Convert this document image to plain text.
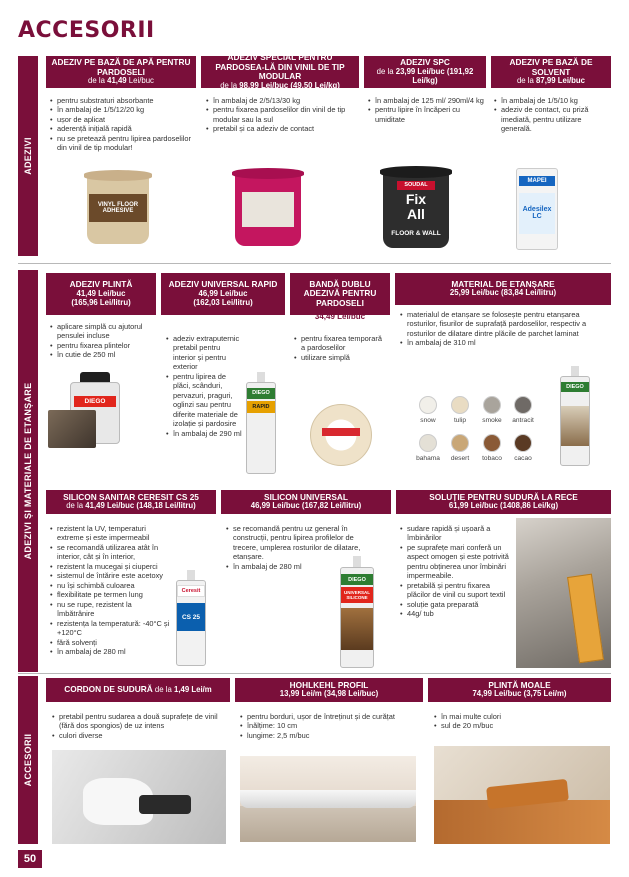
ACCESORII
ADEZIVI
ADEZIVI ȘI MATERIALE DE ETANȘARE
ACCESORII
ADEZIV PE BAZĂ DE APĂ PENTRU PARDOSELI
de la 41,49 Lei/buc
• pentru substraturi absorbante
• în ambalaj de 1/5/12/20 kg
• ușor de aplicat
• aderență inițială rapidă
• nu se pretează pentru lipirea pardoselilor din vinil de tip modular!
VINYL FLOOR ADHESIVE
ADEZIV SPECIAL PENTRU PARDOSEA-LĂ DIN VINIL DE TIP MODULAR
de la 98,99 Lei/buc (49,50 Lei/kg)
• în ambalaj de 2/5/13/30 kg
• pentru fixarea pardoselilor din vinil de tip modular sau la sul
• pretabil și ca adeziv de contact
ADEZIV SPC
de la 23,99 Lei/buc (191,92 Lei/kg)
• în ambalaj de 125 ml/ 290ml/4 kg
• pentru lipire în încăperi cu umiditate
SOUDAL
Fix
All
FLOOR & WALL
ADEZIV PE BAZĂ DE SOLVENT
de la 87,99 Lei/buc
• în ambalaj de 1/5/10 kg
• adeziv de contact, cu priză imediată, pentru utilizare generală.
MAPEI
Adesilex LC
ADEZIV PLINTĂ
41,49 Lei/buc
(165,96 Lei/litru)
• aplicare simplă cu ajutorul pensulei incluse
• pentru fixarea plintelor
• în cutie de 250 ml
DIEGO
ADEZIV UNIVERSAL RAPID
46,99 Lei/buc
(162,03 Lei/litru)
• adeziv extraputernic pretabil pentru interior și pentru exterior
• pentru lipirea de plăci, scânduri, pervazuri, praguri, oglinzi sau pentru diferite materiale de izolație și pardosire
• în ambalaj de 290 ml
DIEGO
RAPID
BANDĂ DUBLU ADEZIVĂ PENTRU PARDOSELI
34,49 Lei/buc
• pentru fixarea temporară a pardoselilor
• utilizare simplă
MATERIAL DE ETANȘARE
25,99 Lei/buc (83,84 Lei/litru)
• materialul de etanșare se folosește pentru etanșarea rosturilor, fisurilor de suprafață pardoselilor, respectiv a rosturilor de dilatare dintre plăcile de parchet laminat
• în ambalaj de 310 ml
snow	tulip	smoke	antracit
bahama	desert	tobaco	cacao
DIEGO
SILICON SANITAR CERESIT CS 25
de la 41,49 Lei/buc (148,18 Lei/litru)
• rezistent la UV, temperaturi extreme și este impermeabil
• se recomandă utilizarea atât în interior, cât și în interior,
• rezistent la mucegai și ciuperci
• sistemul de întărire este acetoxy
• nu își schimbă culoarea
• flexibilitate pe termen lung
• nu se rupe, rezistent la îmbătrânire
• rezistența la temperatură: -40°C și +120°C
• fără solvenți
• în ambalaj de 280 ml
Ceresit
CS 25
SILICON UNIVERSAL
46,99 Lei/buc (167,82 Lei/litru)
• se recomandă pentru uz general în construcții, pentru lipirea profilelor de trecere, umplerea rosturilor de dilatare, etanșare.
• în ambalaj de 280 ml
DIEGO
UNIVERSAL SILICONE
SOLUȚIE PENTRU SUDURĂ LA RECE
61,99 Lei/buc (1408,86 Lei/kg)
• sudare rapidă și ușoară a îmbinărilor
• pe suprafețe mari conferă un aspect omogen și este potrivită pentru obținerea unor îmbinări impermeabile.
• pretabilă și pentru fixarea plăcilor de vinil cu suport textil
• soluție gata preparată
• 44g/ tub
CORDON DE SUDURĂ de la 1,49 Lei/m
• pretabil pentru sudarea a două suprafețe de vinil (fără dos spongios) de uz intens
• culori diverse
HOHLKEHL PROFIL
13,99 Lei/m (34,98 Lei/buc)
• pentru borduri, ușor de întreținut și de curățat
• înălțime: 10 cm
• lungime: 2,5 m/buc
PLINTĂ MOALE
74,99 Lei/buc (3,75 Lei/m)
• în mai multe culori
• sul de 20 m/buc
50
